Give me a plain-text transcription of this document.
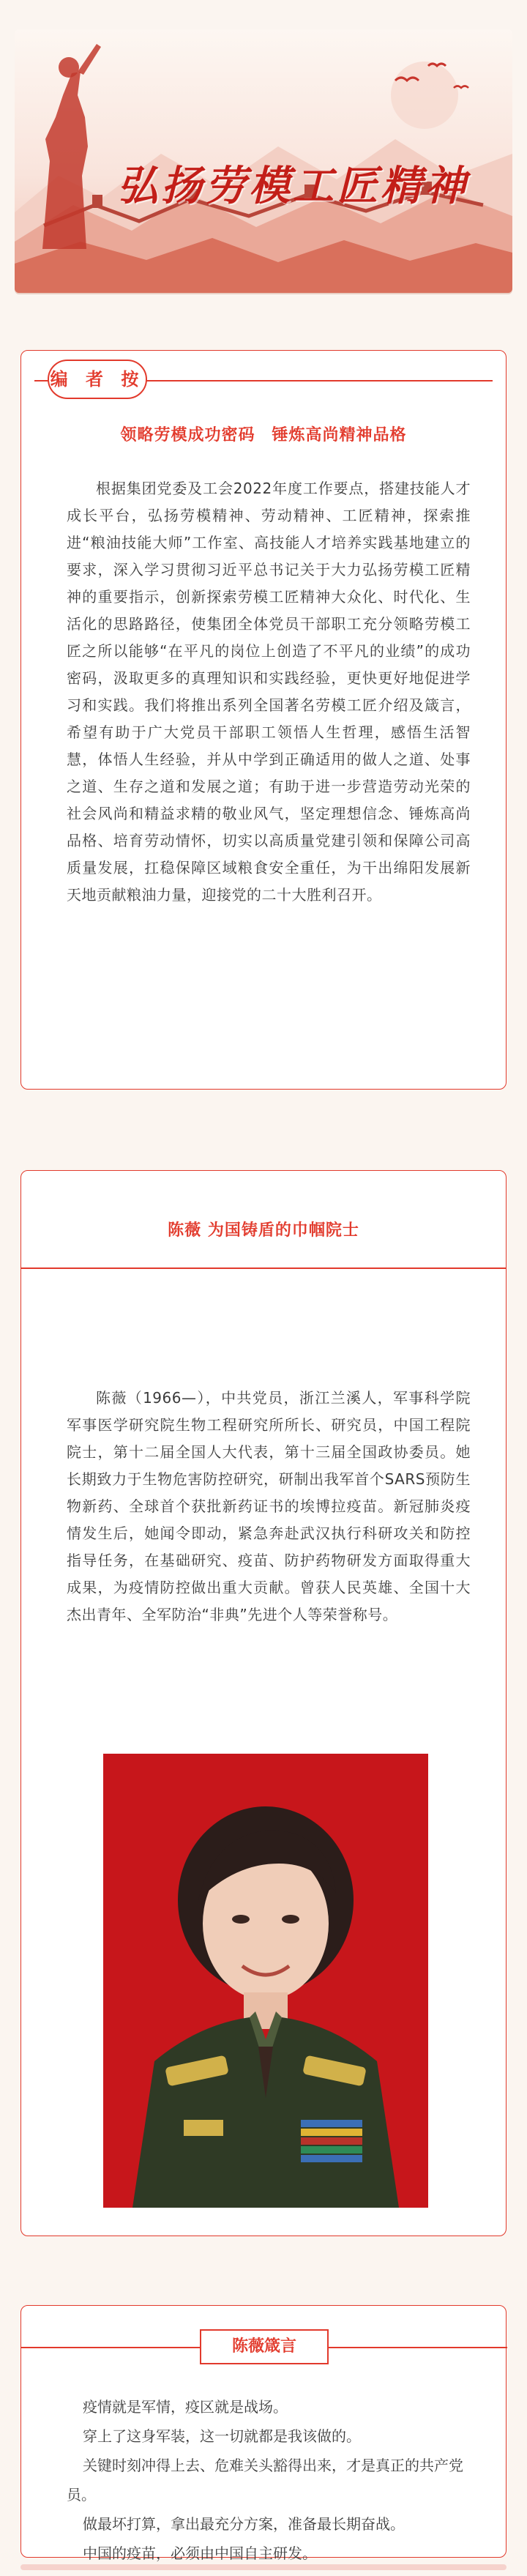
弘扬劳模工匠精神
编 者 按
领略劳模成功密码　锤炼高尚精神品格
根据集团党委及工会2022年度工作要点，搭建技能人才成长平台，弘扬劳模精神、劳动精神、工匠精神，探索推进“粮油技能大师”工作室、高技能人才培养实践基地建立的要求，深入学习贯彻习近平总书记关于大力弘扬劳模工匠精神的重要指示，创新探索劳模工匠精神大众化、时代化、生活化的思路路径，使集团全体党员干部职工充分领略劳模工匠之所以能够“在平凡的岗位上创造了不平凡的业绩”的成功密码，汲取更多的真理知识和实践经验，更快更好地促进学习和实践。我们将推出系列全国著名劳模工匠介绍及箴言，希望有助于广大党员干部职工领悟人生哲理，感悟生活智慧，体悟人生经验，并从中学到正确适用的做人之道、处事之道、生存之道和发展之道；有助于进一步营造劳动光荣的社会风尚和精益求精的敬业风气，坚定理想信念、锤炼高尚品格、培育劳动情怀，切实以高质量党建引领和保障公司高质量发展，扛稳保障区域粮食安全重任，为干出绵阳发展新天地贡献粮油力量，迎接党的二十大胜利召开。
陈薇 为国铸盾的巾帼院士
陈薇（1966—），中共党员，浙江兰溪人，军事科学院军事医学研究院生物工程研究所所长、研究员，中国工程院院士，第十二届全国人大代表，第十三届全国政协委员。她长期致力于生物危害防控研究，研制出我军首个SARS预防生物新药、全球首个获批新药证书的埃博拉疫苗。新冠肺炎疫情发生后，她闻令即动，紧急奔赴武汉执行科研攻关和防控指导任务，在基础研究、疫苗、防护药物研发方面取得重大成果，为疫情防控做出重大贡献。曾获人民英雄、全国十大杰出青年、全军防治“非典”先进个人等荣誉称号。
陈薇箴言
疫情就是军情，疫区就是战场。
穿上了这身军装，这一切就都是我该做的。
关键时刻冲得上去、危难关头豁得出来，才是真正的共产党员。
做最坏打算，拿出最充分方案，准备最长期奋战。
中国的疫苗，必须由中国自主研发。
